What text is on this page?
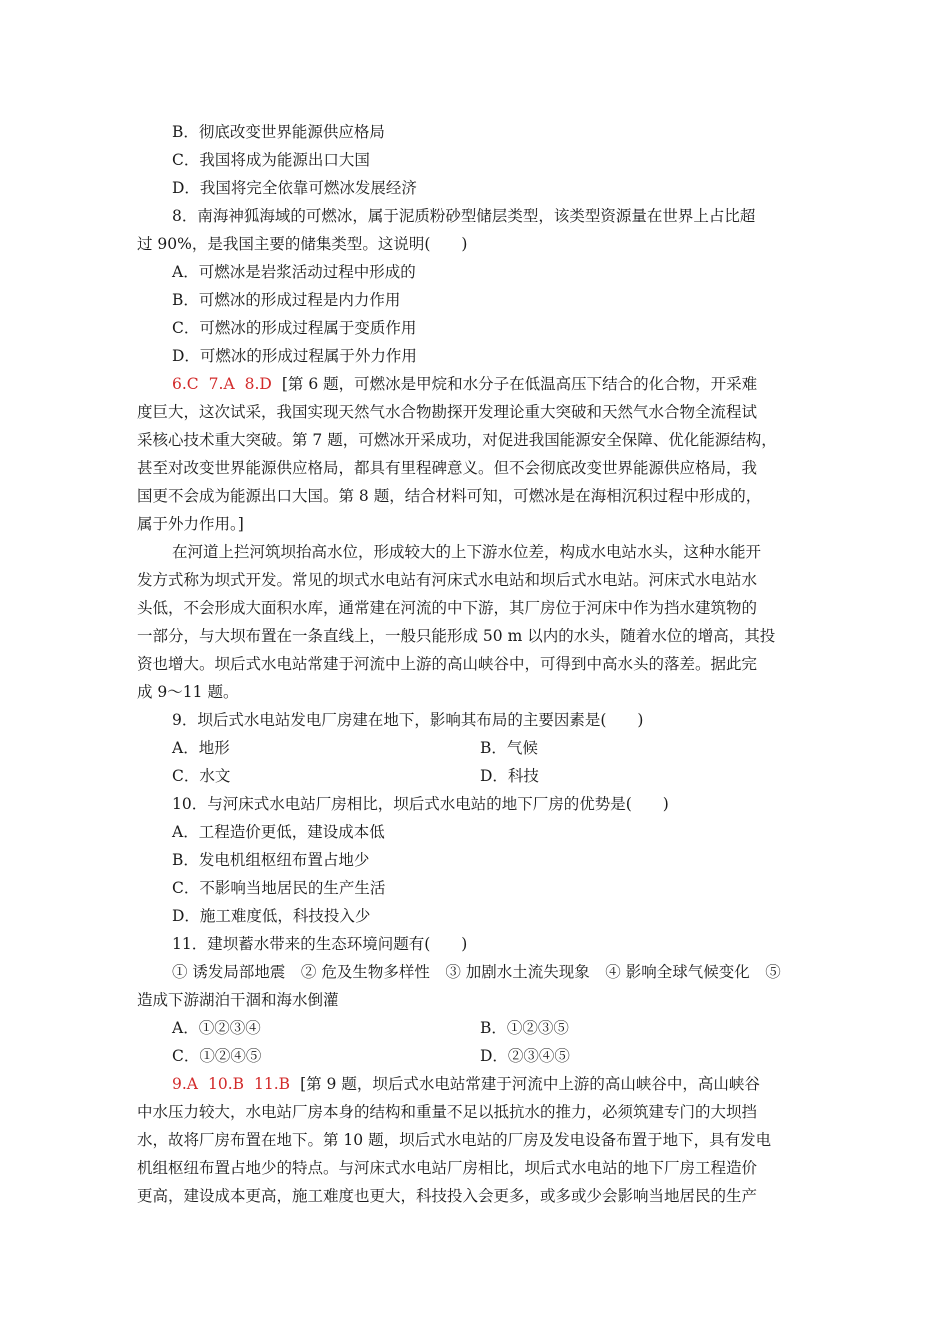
B．彻底改变世界能源供应格局
C．我国将成为能源出口大国
D．我国将完全依靠可燃冰发展经济
8．南海神狐海域的可燃冰，属于泥质粉砂型储层类型，该类型资源量在世界上占比超
过 90%，是我国主要的储集类型。这说明(　　)
A．可燃冰是岩浆活动过程中形成的
B．可燃冰的形成过程是内力作用
C．可燃冰的形成过程属于变质作用
D．可燃冰的形成过程属于外力作用
6.C 7.A 8.D [第 6 题，可燃冰是甲烷和水分子在低温高压下结合的化合物，开采难
度巨大，这次试采，我国实现天然气水合物勘探开发理论重大突破和天然气水合物全流程试
采核心技术重大突破。第 7 题，可燃冰开采成功，对促进我国能源安全保障、优化能源结构，
甚至对改变世界能源供应格局，都具有里程碑意义。但不会彻底改变世界能源供应格局，我
国更不会成为能源出口大国。第 8 题，结合材料可知，可燃冰是在海相沉积过程中形成的，
属于外力作用。]
在河道上拦河筑坝抬高水位，形成较大的上下游水位差，构成水电站水头，这种水能开
发方式称为坝式开发。常见的坝式水电站有河床式水电站和坝后式水电站。河床式水电站水
头低，不会形成大面积水库，通常建在河流的中下游，其厂房位于河床中作为挡水建筑物的
一部分，与大坝布置在一条直线上，一般只能形成 50 m 以内的水头，随着水位的增高，其投
资也增大。坝后式水电站常建于河流中上游的高山峡谷中，可得到中高水头的落差。据此完
成 9～11 题。
9．坝后式水电站发电厂房建在地下，影响其布局的主要因素是(　　)
A．地形	B．气候
C．水文	D．科技
10．与河床式水电站厂房相比，坝后式水电站的地下厂房的优势是(　　)
A．工程造价更低，建设成本低
B．发电机组枢纽布置占地少
C．不影响当地居民的生产生活
D．施工难度低，科技投入少
11．建坝蓄水带来的生态环境问题有(　　)
① 诱发局部地震　② 危及生物多样性　③ 加剧水土流失现象　④ 影响全球气候变化　⑤
造成下游湖泊干涸和海水倒灌
A．①②③④	B．①②③⑤
C．①②④⑤	D．②③④⑤
9.A 10.B 11.B [第 9 题，坝后式水电站常建于河流中上游的高山峡谷中，高山峡谷
中水压力较大，水电站厂房本身的结构和重量不足以抵抗水的推力，必须筑建专门的大坝挡
水，故将厂房布置在地下。第 10 题，坝后式水电站的厂房及发电设备布置于地下，具有发电
机组枢纽布置占地少的特点。与河床式水电站厂房相比，坝后式水电站的地下厂房工程造价
更高，建设成本更高，施工难度也更大，科技投入会更多，或多或少会影响当地居民的生产
